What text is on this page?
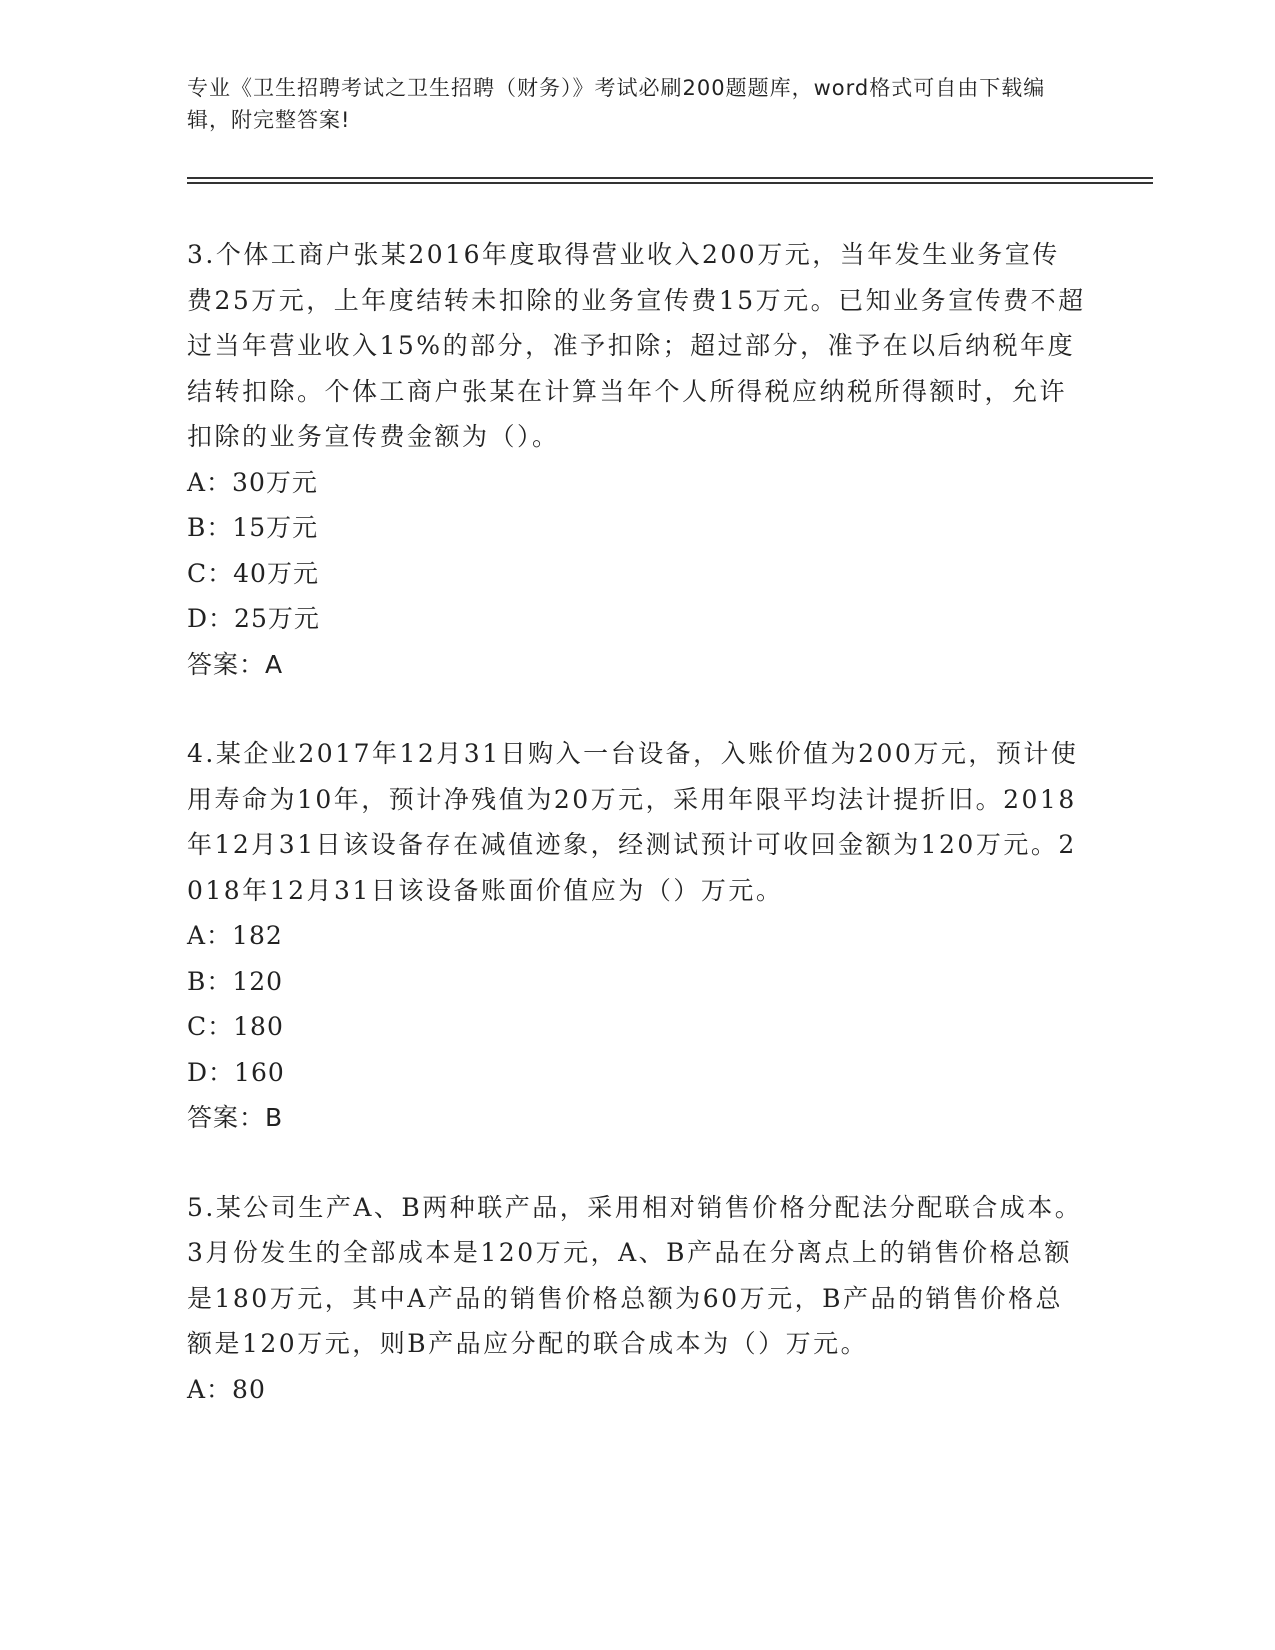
专业《卫生招聘考试之卫生招聘（财务）》考试必刷200题题库，word格式可自由下载编辑，附完整答案!

3.个体工商户张某2016年度取得营业收入200万元，当年发生业务宣传费25万元，上年度结转未扣除的业务宣传费15万元。已知业务宣传费不超过当年营业收入15%的部分，准予扣除；超过部分，准予在以后纳税年度结转扣除。个体工商户张某在计算当年个人所得税应纳税所得额时，允许扣除的业务宣传费金额为（）。

A：30万元

B：15万元

C：40万元

D：25万元

答案：A

4.某企业2017年12月31日购入一台设备，入账价值为200万元，预计使用寿命为10年，预计净残值为20万元，采用年限平均法计提折旧。2018年12月31日该设备存在减值迹象，经测试预计可收回金额为120万元。2018年12月31日该设备账面价值应为（）万元。

A：182

B：120

C：180

D：160

答案：B

5.某公司生产A、B两种联产品，采用相对销售价格分配法分配联合成本。3月份发生的全部成本是120万元，A、B产品在分离点上的销售价格总额是180万元，其中A产品的销售价格总额为60万元，B产品的销售价格总额是120万元，则B产品应分配的联合成本为（）万元。

A：80
